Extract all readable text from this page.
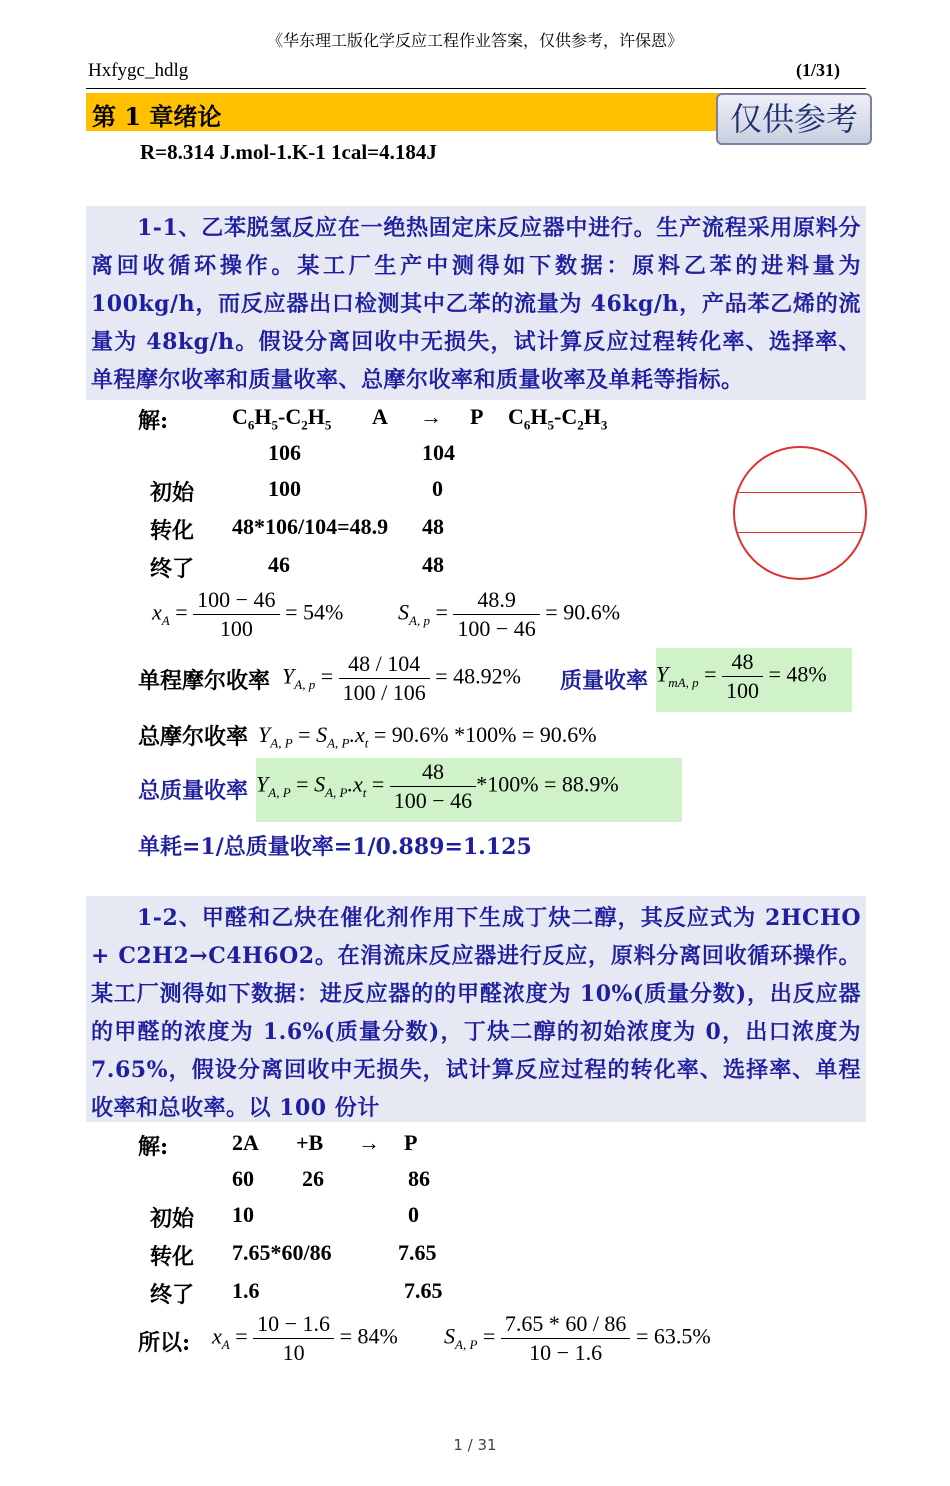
《华东理工版化学反应工程作业答案，仅供参考，许保恩》
Hxfygc_hdlg	(1/31)
第 1 章绪论	仅供参考
R=8.314 J.mol-1.K-1 1cal=4.184J

1-1、乙苯脱氢反应在一绝热固定床反应器中进行。生产流程采用原料分离回收循环操作。某工厂生产中测得如下数据：原料乙苯的进料量为100kg/h，而反应器出口检测其中乙苯的流量为 46kg/h，产品苯乙烯的流量为 48kg/h。假设分离回收中无损失，试计算反应过程转化率、选择率、单程摩尔收率和质量收率、总摩尔收率和质量收率及单耗等指标。

解:	$C_6H_5-C_2H_5$ A → P $C_6H_5-C_2H_3$
106	104
初始	100	0
转化 48*106/104=48.9 48
终了	46	48
$x_A = \frac{100 - 46}{100} = 54\%$ $S_{A, p} = \frac{48.9}{100 - 46} = 90.6\%$
单程摩尔收率 $Y_{A, p} = \frac{48 / 104}{100 / 106} = 48.92\%$ 质量收率 $Y_{mA, p} = \frac{48}{100} = 48\%$
总摩尔收率 $Y_{A, P} = S_{A, P}.x_t = 90.6\%$ *100% = 90.6%
总质量收率 $Y_{A, P} = S_{A, P}.x_t = \frac{48}{100 - 46} *100\% = 88.9\%$
单耗=1/总质量收率=1/0.889=1.125

1-2、甲醛和乙炔在催化剂作用下生成丁炔二醇，其反应式为 2HCHO + C2H2→C4H6O2。在涓流床反应器进行反应，原料分离回收循环操作。某工厂测得如下数据：进反应器的的甲醛浓度为 10%(质量分数)，出反应器的甲醛的浓度为 1.6%(质量分数)，丁炔二醇的初始浓度为 0，出口浓度为 7.65%，假设分离回收中无损失，试计算反应过程的转化率、选择率、单程收率和总收率。以 100 份计

解:	2A +B → P
60 26	86
初始 10	0
转化 7.65*60/86	7.65
终了 1.6	7.65
所以: $x_A = \frac{10 - 1.6}{10} = 84\%$ $S_{A, P} = \frac{7.65 * 60 / 86}{10 - 1.6} = 63.5\%$
1 / 31
